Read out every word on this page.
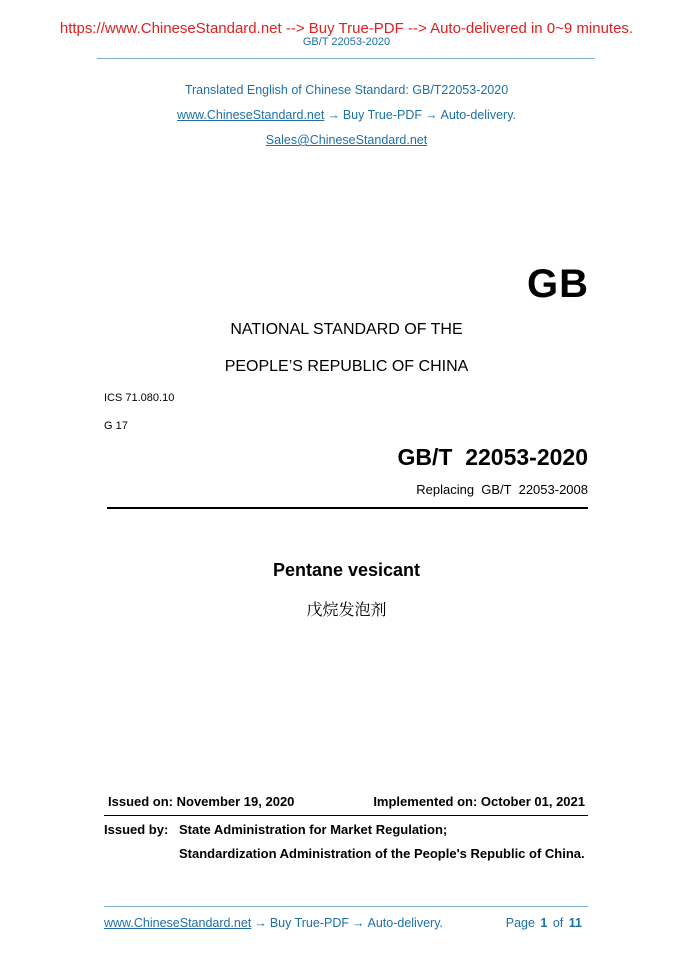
https://www.ChineseStandard.net --> Buy True-PDF --> Auto-delivered in 0~9 minutes.
GB/T 22053-2020
Translated English of Chinese Standard: GB/T22053-2020
www.ChineseStandard.net → Buy True-PDF → Auto-delivery.
Sales@ChineseStandard.net
GB
NATIONAL STANDARD OF THE
PEOPLE’S REPUBLIC OF CHINA
ICS 71.080.10
G 17
GB/T  22053-2020
Replacing  GB/T  22053-2008
Pentane vesicant
戊烷发泡剂
Issued on: November 19, 2020	Implemented on: October 01, 2021
Issued by: State Administration for Market Regulation;
Standardization Administration of the People's Republic of China.
www.ChineseStandard.net → Buy True-PDF → Auto-delivery.	Page 1 of 11
